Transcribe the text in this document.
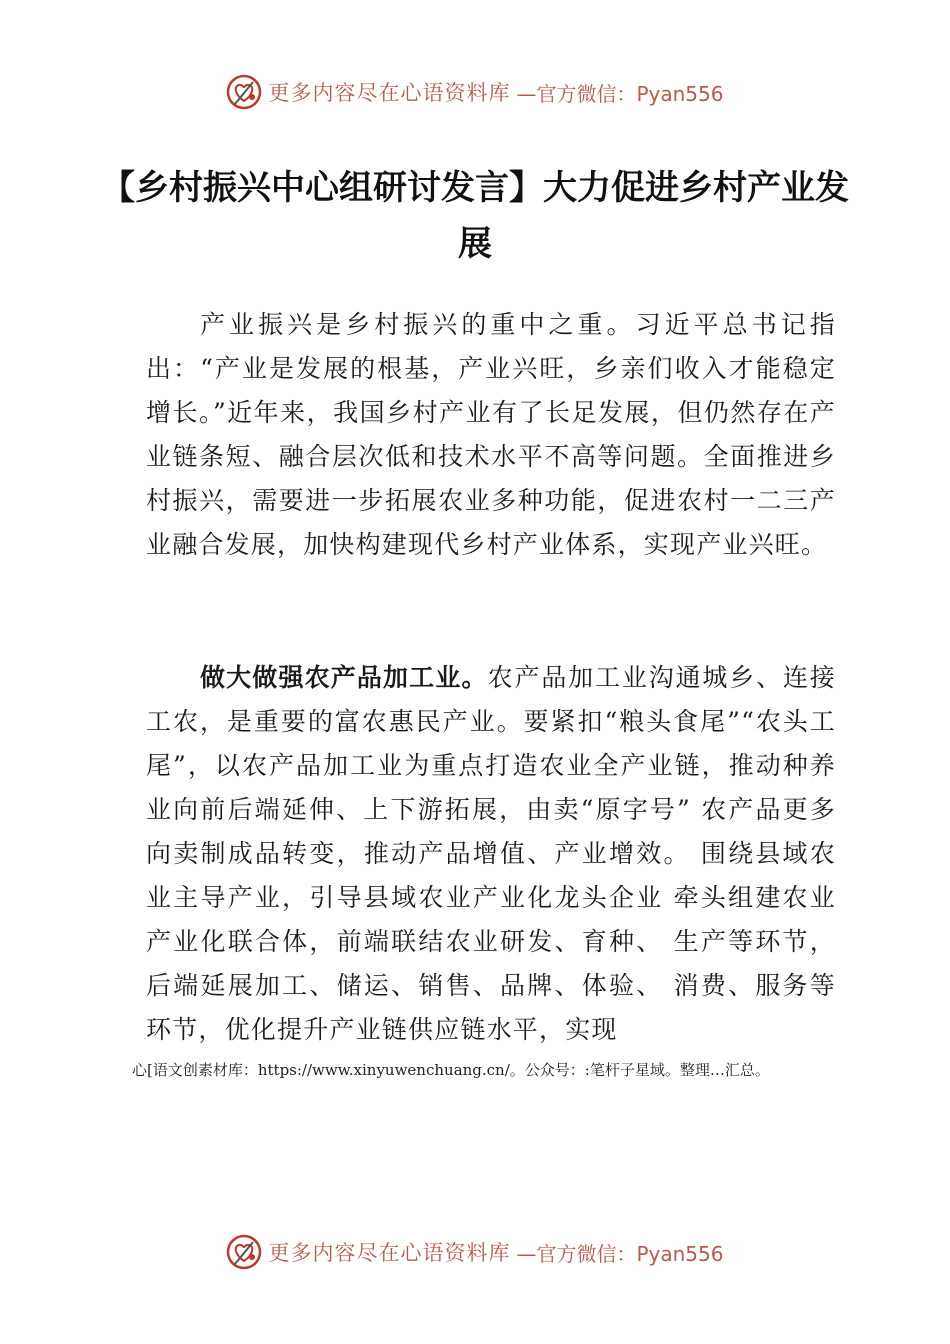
更多内容尽在心语资料库 —官方微信：Pyan556
【乡村振兴中心组研讨发言】大力促进乡村产业发展

产业振兴是乡村振兴的重中之重。习近平总书记指出：“产业是发展的根基，产业兴旺，乡亲们收入才能稳定增长。”近年来，我国乡村产业有了长足发展，但仍然存在产业链条短、融合层次低和技术水平不高等问题。全面推进乡村振兴，需要进一步拓展农业多种功能，促进农村一二三产业融合发展，加快构建现代乡村产业体系，实现产业兴旺。

做大做强农产品加工业。农产品加工业沟通城乡、连接工农，是重要的富农惠民产业。要紧扣“粮头食尾”“农头工尾”，以农产品加工业为重点打造农业全产业链，推动种养业向前后端延伸、上下游拓展，由卖“原字号” 农产品更多向卖制成品转变，推动产品增值、产业增效。 围绕县域农业主导产业，引导县域农业产业化龙头企业 牵头组建农业产业化联合体，前端联结农业研发、育种、 生产等环节，后端延展加工、储运、销售、品牌、体验、 消费、服务等环节，优化提升产业链供应链水平，实现

心[语文创素材库：https://www.xinyuwenchuang.cn/。公众号：:笔杆子星域。整理…汇总。

更多内容尽在心语资料库 —官方微信：Pyan556
